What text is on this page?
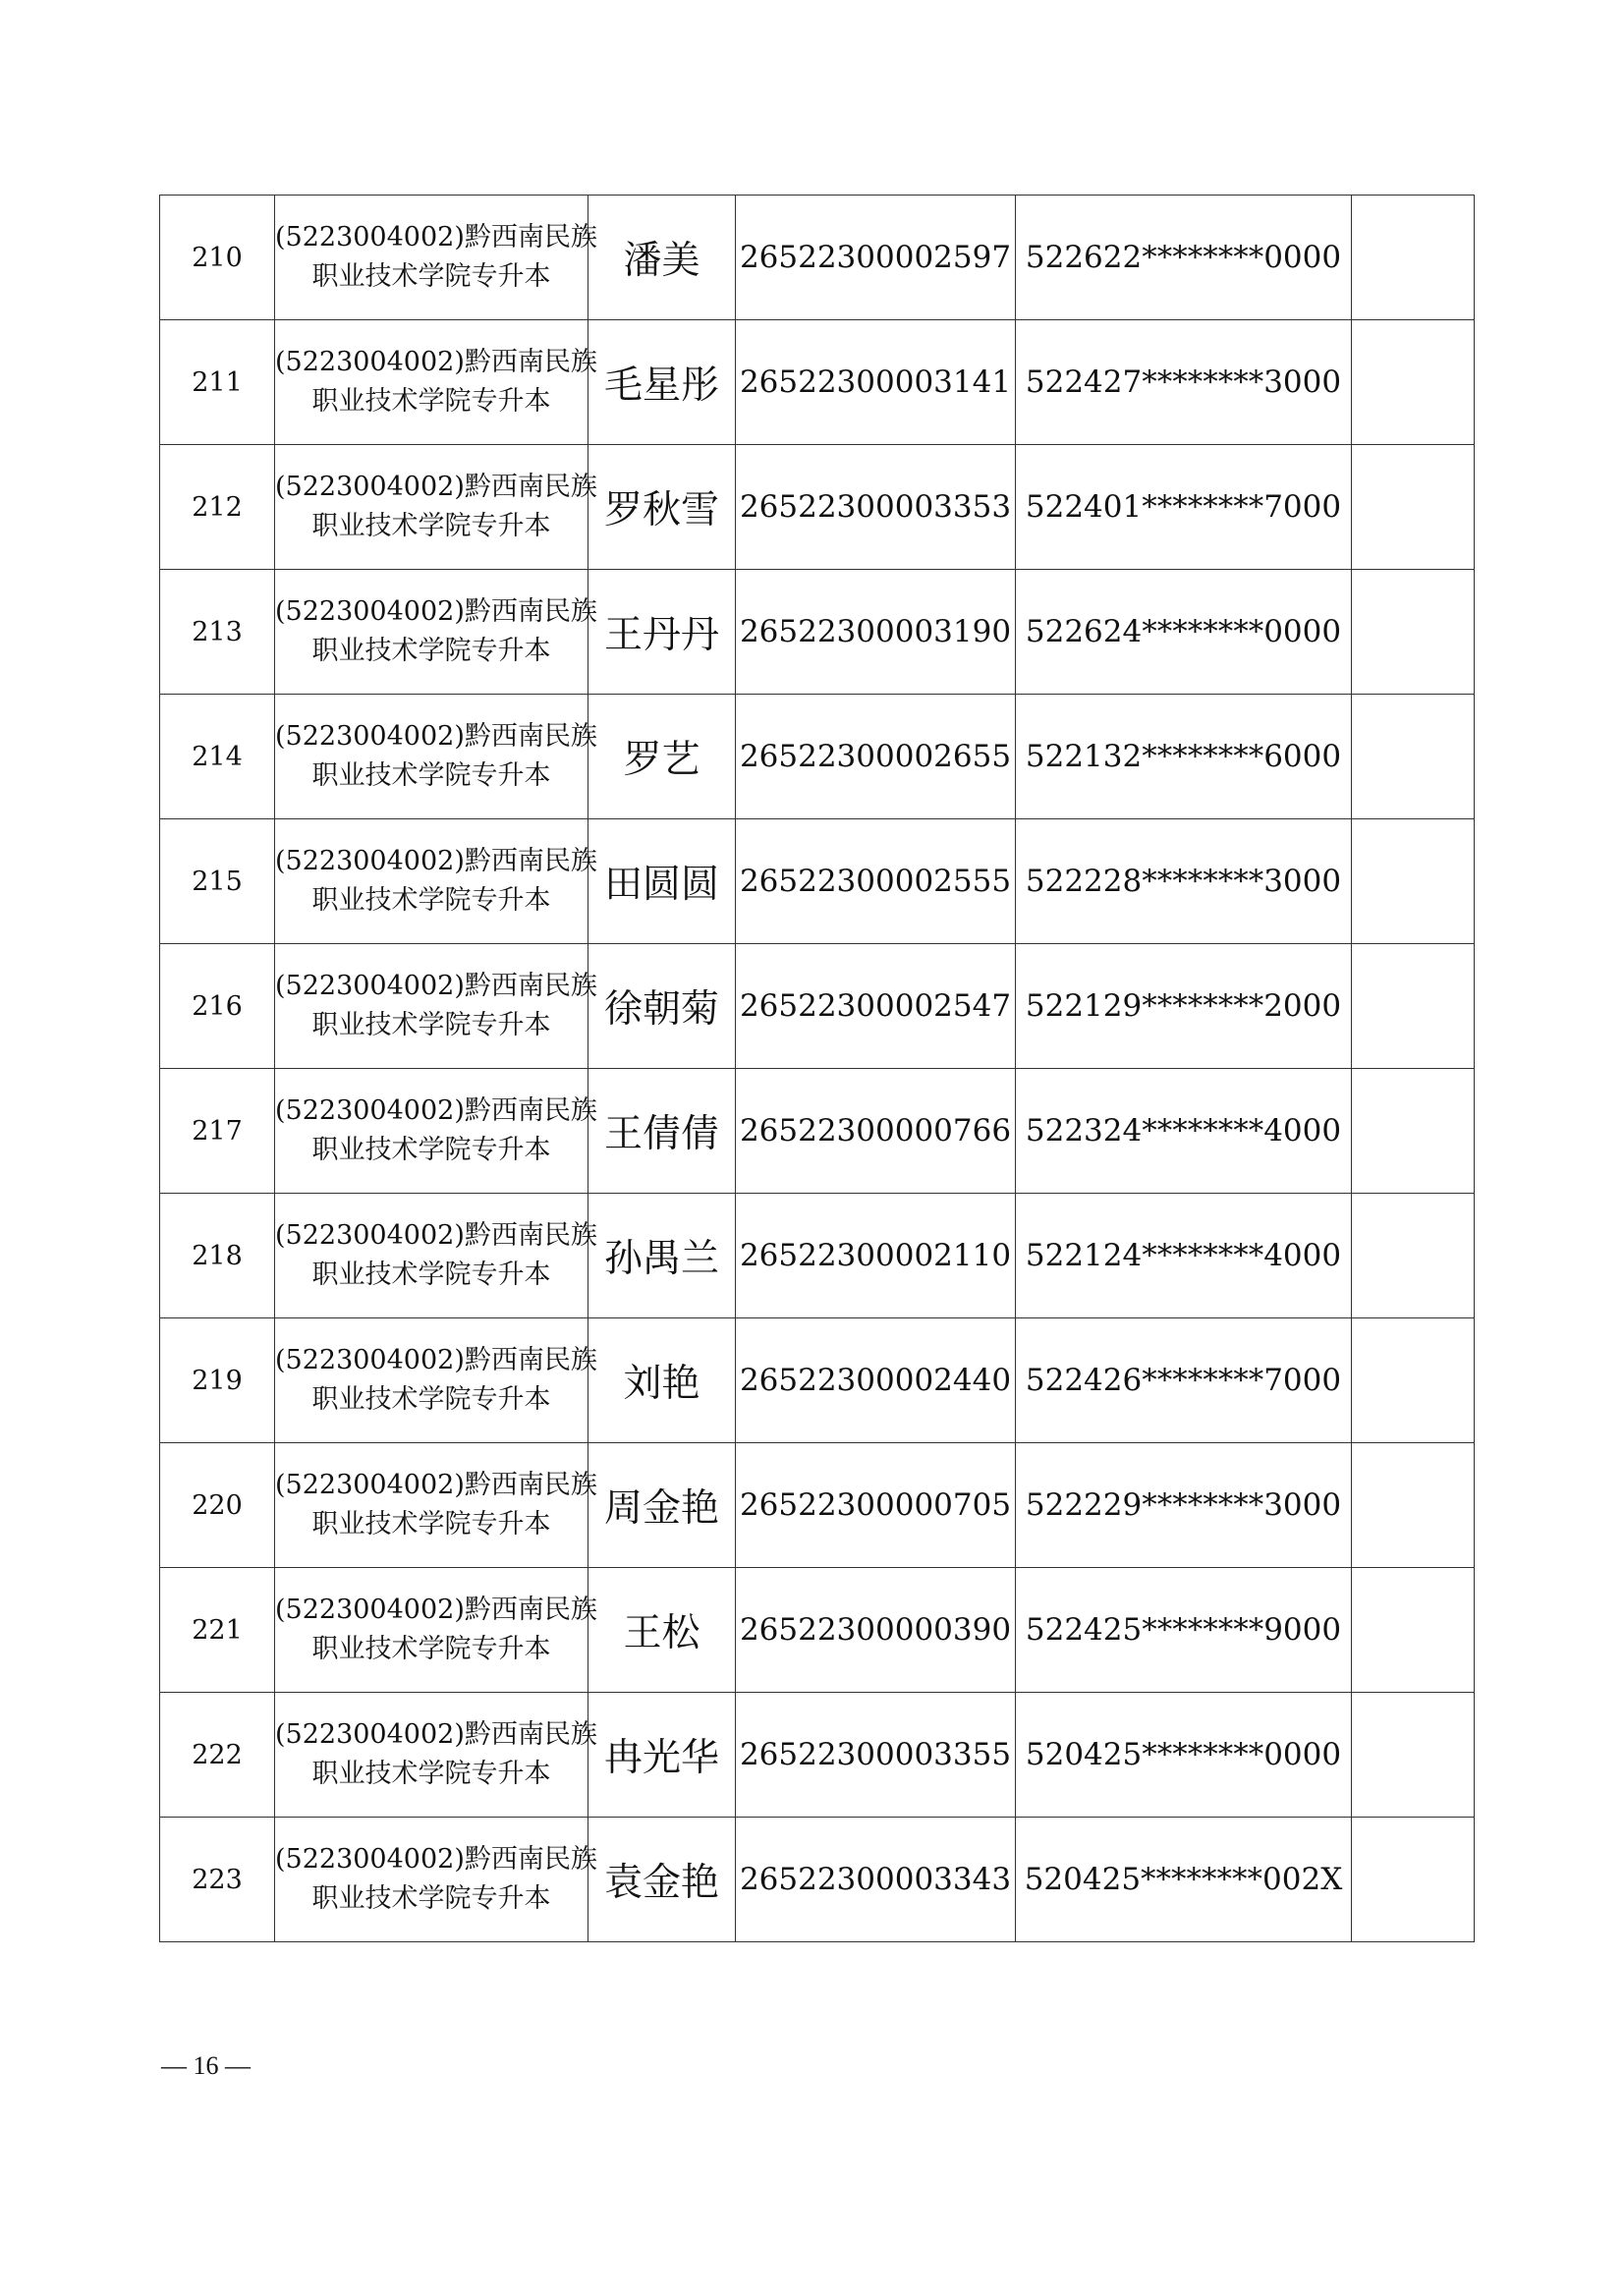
210	(5223004002)黔西南民族
职业技术学院专升本	潘美	26522300002597	522622********0000	
211	(5223004002)黔西南民族
职业技术学院专升本	毛星彤	26522300003141	522427********3000	
212	(5223004002)黔西南民族
职业技术学院专升本	罗秋雪	26522300003353	522401********7000	
213	(5223004002)黔西南民族
职业技术学院专升本	王丹丹	26522300003190	522624********0000	
214	(5223004002)黔西南民族
职业技术学院专升本	罗艺	26522300002655	522132********6000	
215	(5223004002)黔西南民族
职业技术学院专升本	田圆圆	26522300002555	522228********3000	
216	(5223004002)黔西南民族
职业技术学院专升本	徐朝菊	26522300002547	522129********2000	
217	(5223004002)黔西南民族
职业技术学院专升本	王倩倩	26522300000766	522324********4000	
218	(5223004002)黔西南民族
职业技术学院专升本	孙禺兰	26522300002110	522124********4000	
219	(5223004002)黔西南民族
职业技术学院专升本	刘艳	26522300002440	522426********7000	
220	(5223004002)黔西南民族
职业技术学院专升本	周金艳	26522300000705	522229********3000	
221	(5223004002)黔西南民族
职业技术学院专升本	王松	26522300000390	522425********9000	
222	(5223004002)黔西南民族
职业技术学院专升本	冉光华	26522300003355	520425********0000	
223	(5223004002)黔西南民族
职业技术学院专升本	袁金艳	26522300003343	520425********002X	
— 16 —
